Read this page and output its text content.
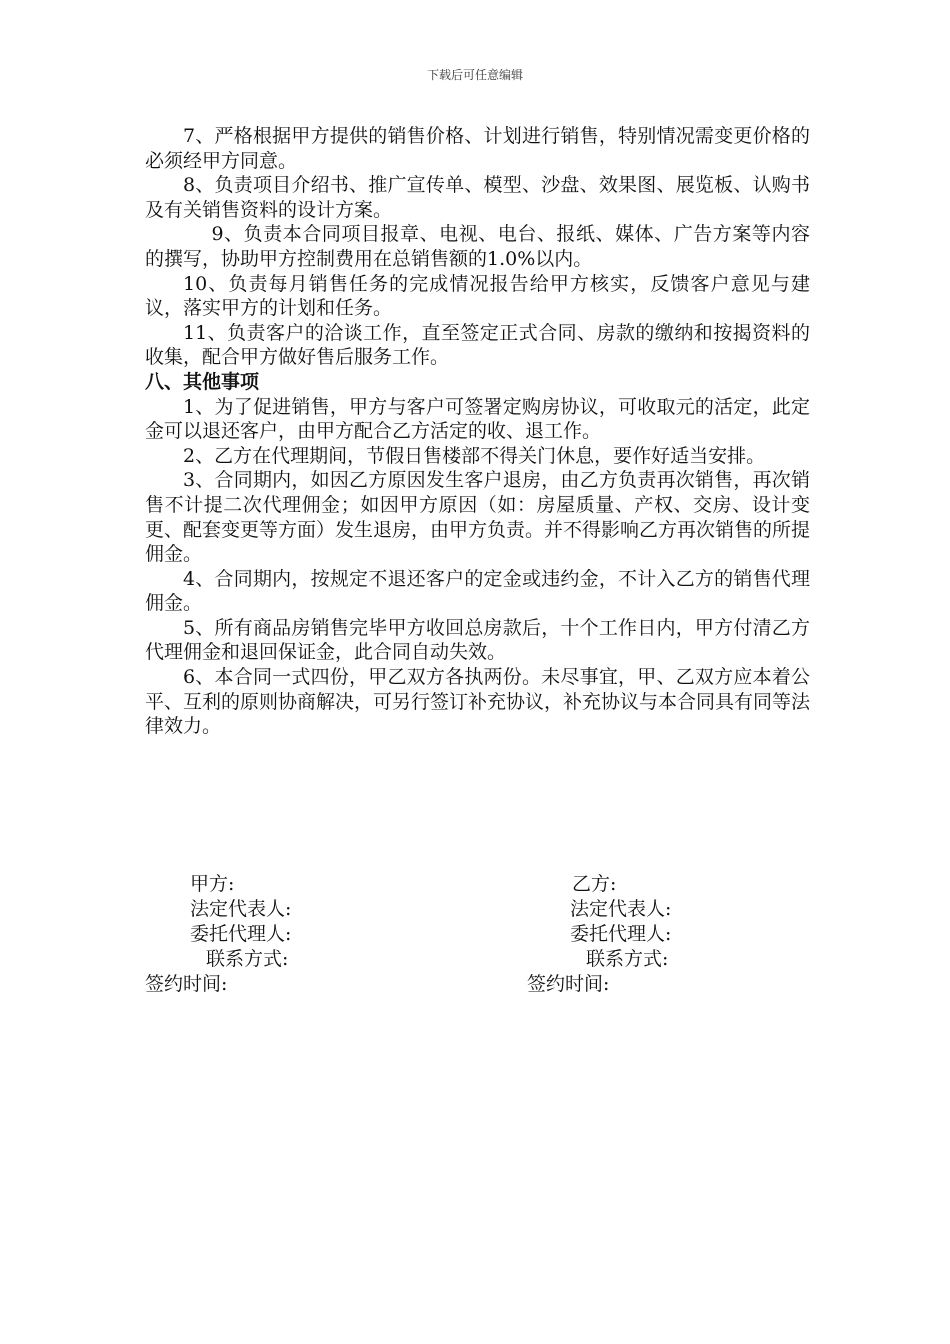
下载后可任意编辑

7、严格根据甲方提供的销售价格、计划进行销售，特别情况需变更价格的必须经甲方同意。

8、负责项目介绍书、推广宣传单、模型、沙盘、效果图、展览板、认购书及有关销售资料的设计方案。

9、负责本合同项目报章、电视、电台、报纸、媒体、广告方案等内容的撰写，协助甲方控制费用在总销售额的1.0%以内。

10、负责每月销售任务的完成情况报告给甲方核实，反馈客户意见与建议，落实甲方的计划和任务。

11、负责客户的洽谈工作，直至签定正式合同、房款的缴纳和按揭资料的收集，配合甲方做好售后服务工作。

八、其他事项

1、为了促进销售，甲方与客户可签署定购房协议，可收取元的活定，此定金可以退还客户，由甲方配合乙方活定的收、退工作。

2、乙方在代理期间，节假日售楼部不得关门休息，要作好适当安排。

3、合同期内，如因乙方原因发生客户退房，由乙方负责再次销售，再次销售不计提二次代理佣金；如因甲方原因（如：房屋质量、产权、交房、设计变更、配套变更等方面）发生退房，由甲方负责。并不得影响乙方再次销售的所提佣金。

4、合同期内，按规定不退还客户的定金或违约金，不计入乙方的销售代理佣金。

5、所有商品房销售完毕甲方收回总房款后，十个工作日内，甲方付清乙方代理佣金和退回保证金，此合同自动失效。

6、本合同一式四份，甲乙双方各执两份。未尽事宜，甲、乙双方应本着公平、互利的原则协商解决，可另行签订补充协议，补充协议与本合同具有同等法律效力。

甲方:
法定代表人:
委托代理人:
联系方式:
签约时间:
乙方:
法定代表人:
委托代理人:
联系方式:
签约时间:
